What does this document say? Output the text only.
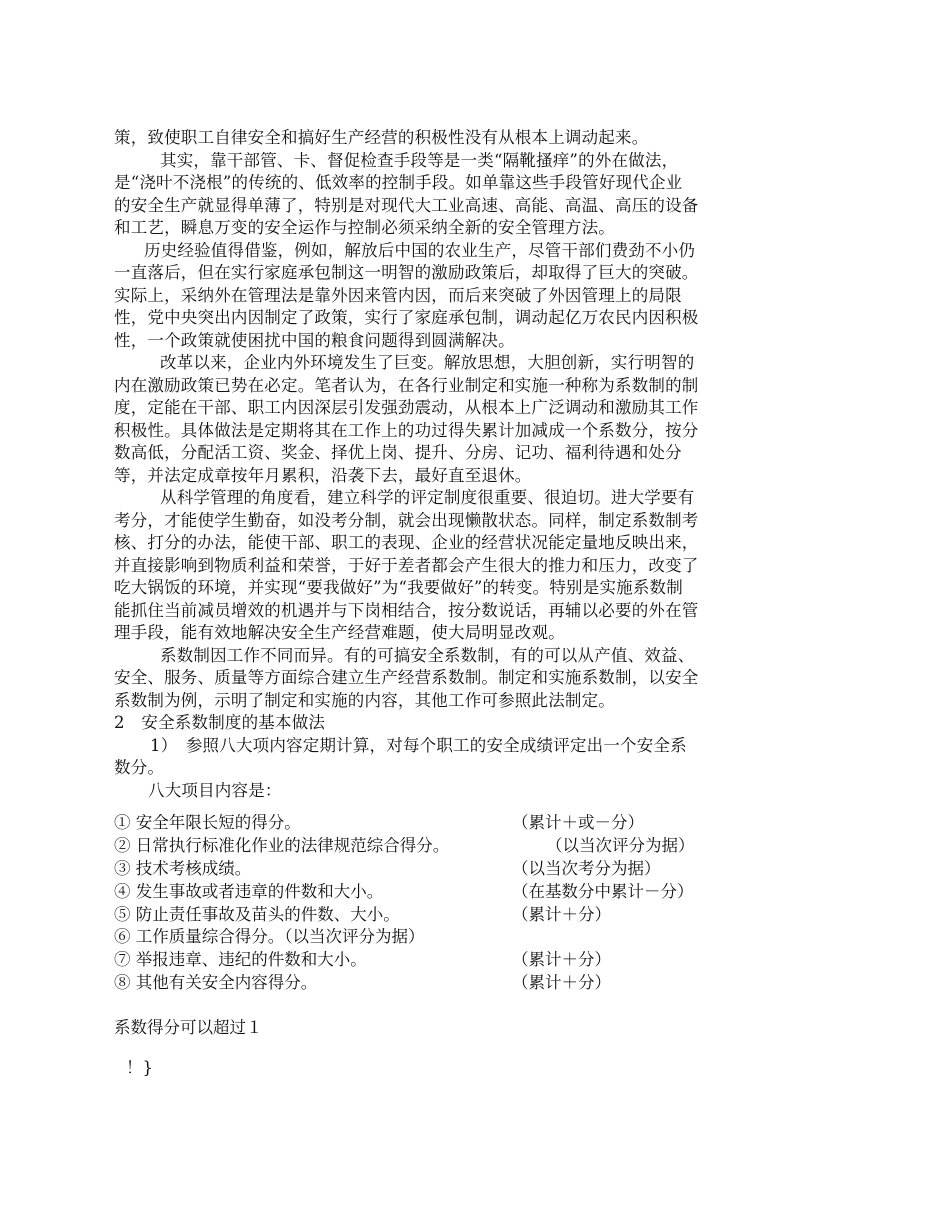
策，致使职工自律安全和搞好生产经营的积极性没有从根本上调动起来。
其实，靠干部管、卡、督促检查手段等是一类“隔靴搔痒”的外在做法，
是“浇叶不浇根”的传统的、低效率的控制手段。如单靠这些手段管好现代企业
的安全生产就显得单薄了，特别是对现代大工业高速、高能、高温、高压的设备
和工艺，瞬息万变的安全运作与控制必须采纳全新的安全管理方法。
历史经验值得借鉴，例如，解放后中国的农业生产，尽管干部们费劲不小仍
一直落后，但在实行家庭承包制这一明智的激励政策后，却取得了巨大的突破。
实际上，采纳外在管理法是靠外因来管内因，而后来突破了外因管理上的局限
性，党中央突出内因制定了政策，实行了家庭承包制，调动起亿万农民内因积极
性，一个政策就使困扰中国的粮食问题得到圆满解决。
改革以来，企业内外环境发生了巨变。解放思想，大胆创新，实行明智的
内在激励政策已势在必定。笔者认为，在各行业制定和实施一种称为系数制的制
度，定能在干部、职工内因深层引发强劲震动，从根本上广泛调动和激励其工作
积极性。具体做法是定期将其在工作上的功过得失累计加减成一个系数分，按分
数高低，分配活工资、奖金、择优上岗、提升、分房、记功、福利待遇和处分
等，并法定成章按年月累积，沿袭下去，最好直至退休。
从科学管理的角度看，建立科学的评定制度很重要、很迫切。进大学要有
考分，才能使学生勤奋，如没考分制，就会出现懒散状态。同样，制定系数制考
核、打分的办法，能使干部、职工的表现、企业的经营状况能定量地反映出来，
并直接影响到物质利益和荣誉，于好于差者都会产生很大的推力和压力，改变了
吃大锅饭的环境，并实现“要我做好”为“我要做好”的转变。特别是实施系数制
能抓住当前减员增效的机遇并与下岗相结合，按分数说话，再辅以必要的外在管
理手段，能有效地解决安全生产经营难题，使大局明显改观。
系数制因工作不同而异。有的可搞安全系数制，有的可以从产值、效益、
安全、服务、质量等方面综合建立生产经营系数制。制定和实施系数制，以安全
系数制为例，示明了制定和实施的内容，其他工作可参照此法制定。
2　安全系数制度的基本做法
1）　参照八大项内容定期计算，对每个职工的安全成绩评定出一个安全系
数分。
八大项目内容是：
① 安全年限长短的得分。	（累计＋或－分）
② 日常执行标准化作业的法律规范综合得分。	（以当次评分为据）
③ 技术考核成绩。	（以当次考分为据）
④ 发生事故或者违章的件数和大小。	（在基数分中累计－分）
⑤ 防止责任事故及苗头的件数、大小。	（累计＋分）
⑥ 工作质量综合得分。（以当次评分为据）
⑦ 举报违章、违纪的件数和大小。	（累计＋分）
⑧ 其他有关安全内容得分。	（累计＋分）
系数得分可以超过１
！}
